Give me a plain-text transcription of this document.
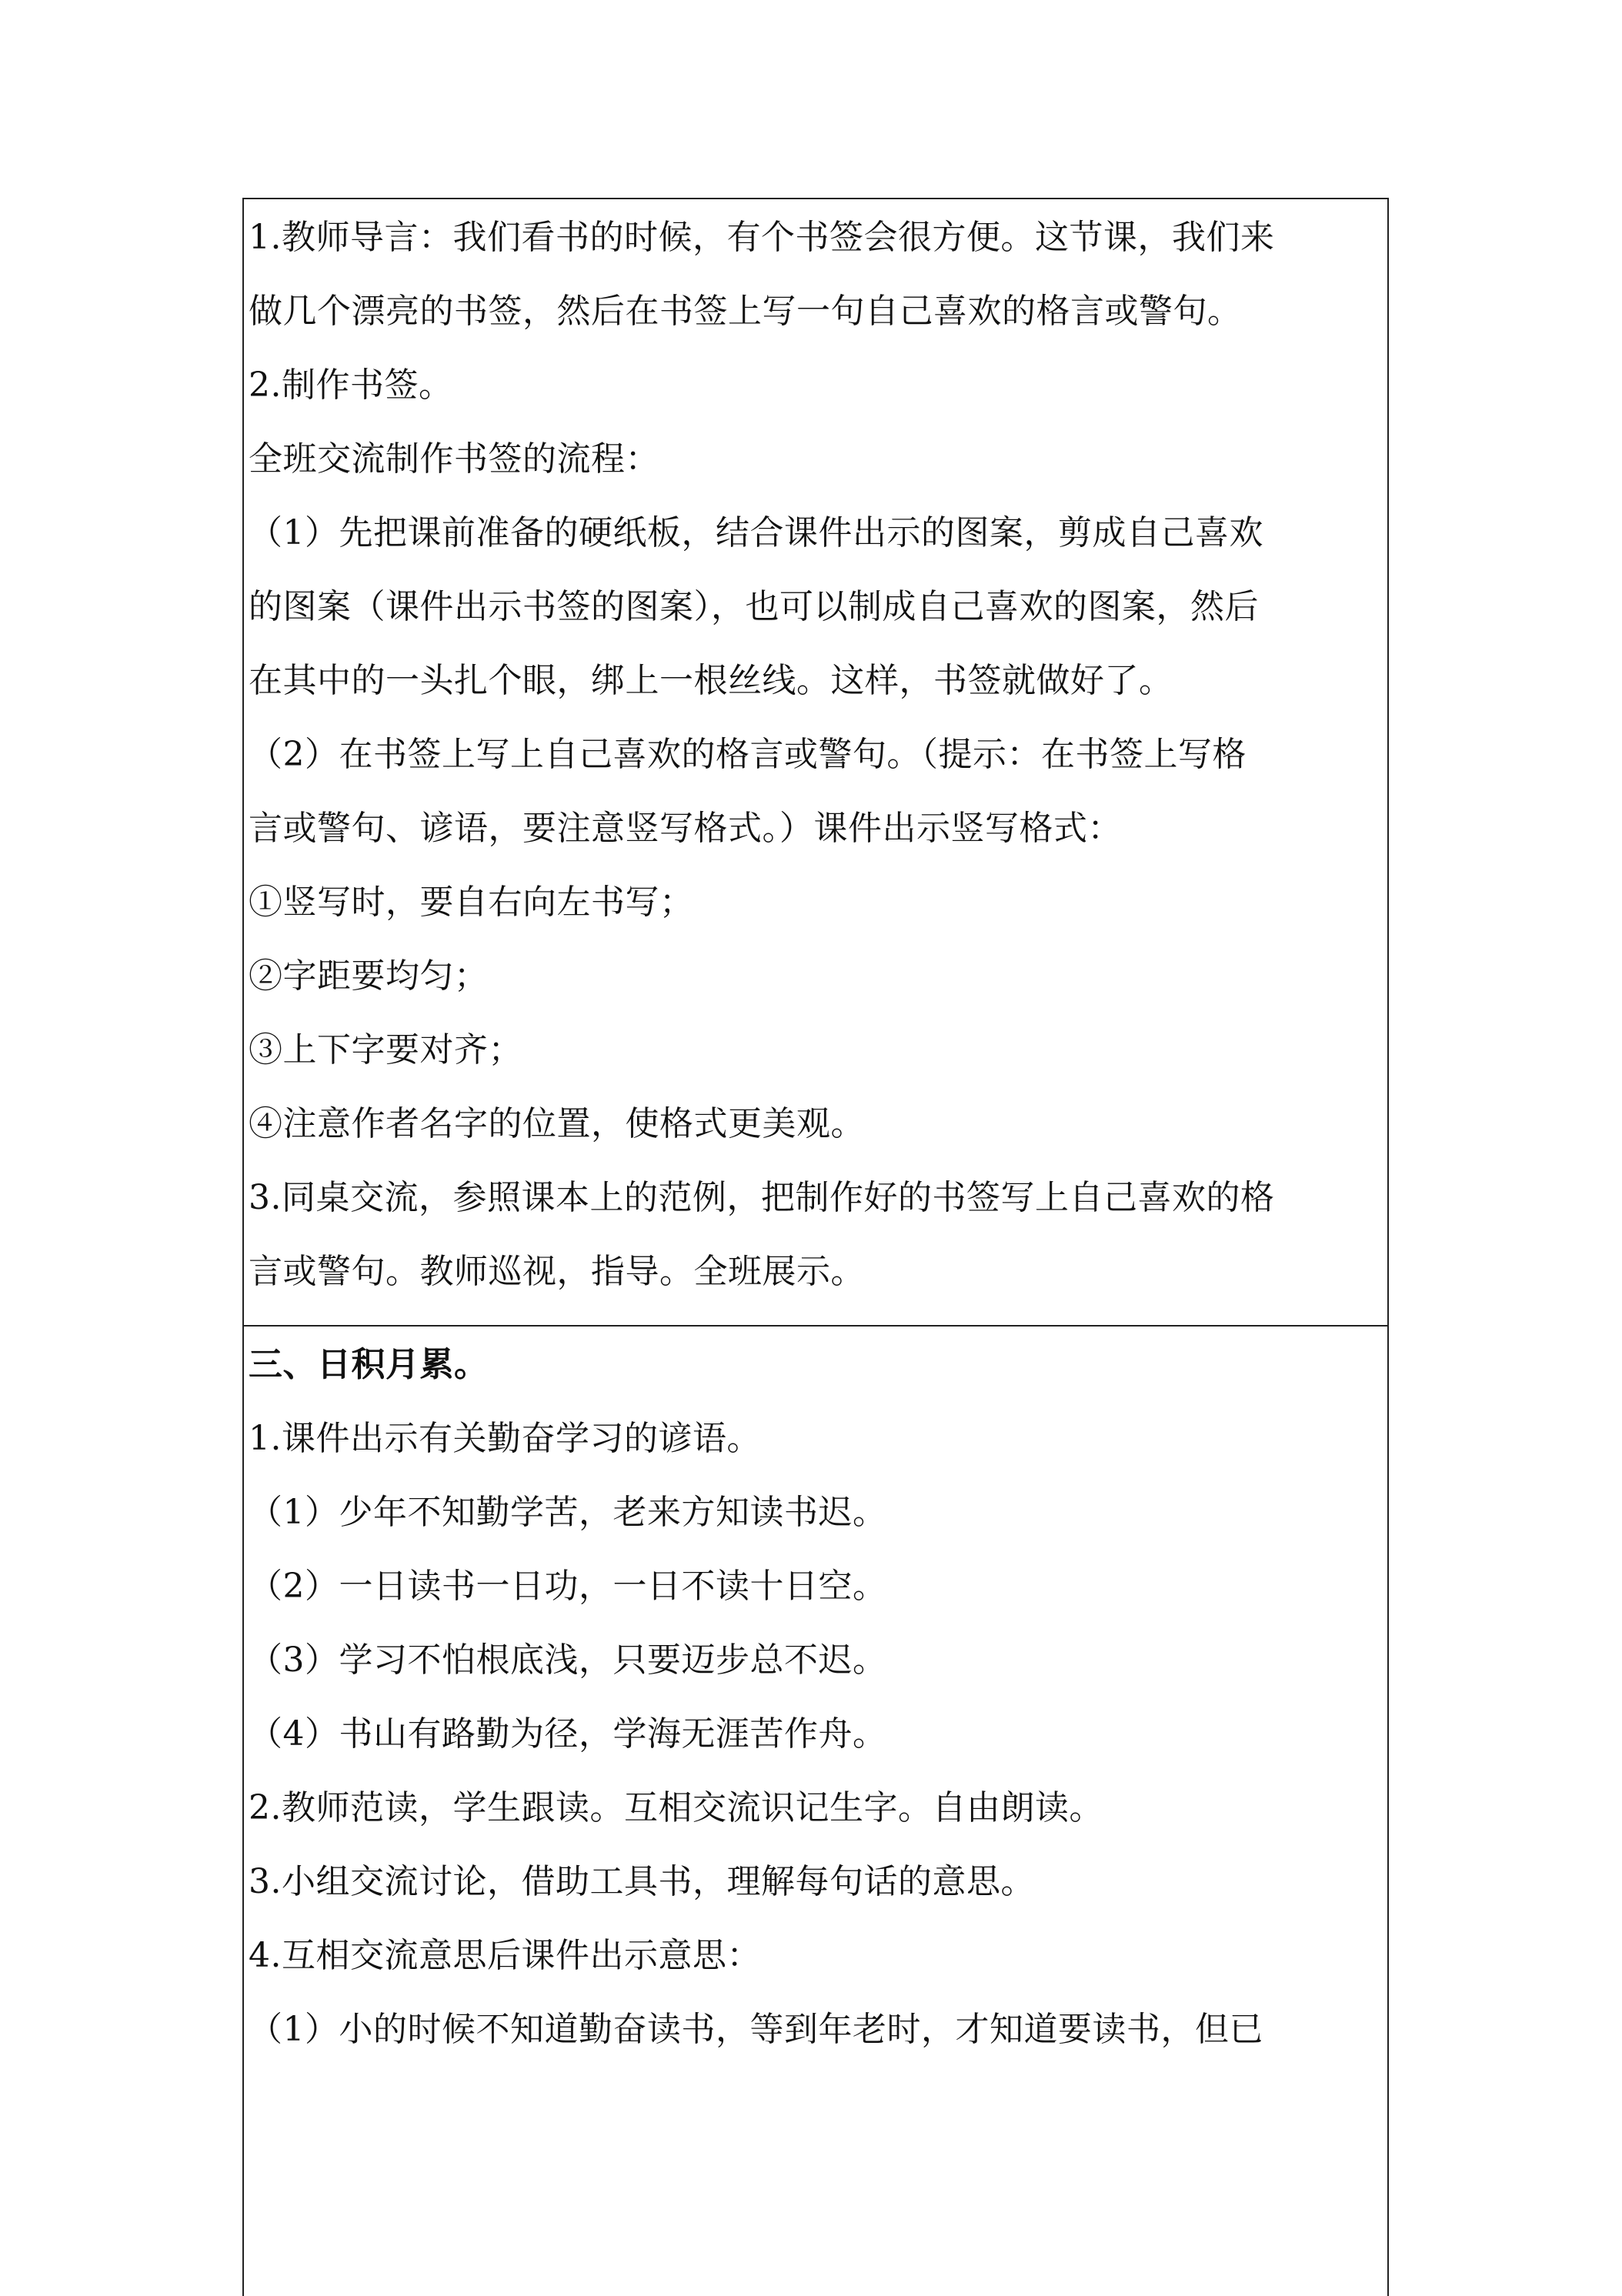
1.教师导言：我们看书的时候，有个书签会很方便。这节课，我们来
做几个漂亮的书签，然后在书签上写一句自己喜欢的格言或警句。
2.制作书签。
全班交流制作书签的流程：
（1）先把课前准备的硬纸板，结合课件出示的图案，剪成自己喜欢
的图案（课件出示书签的图案），也可以制成自己喜欢的图案，然后
在其中的一头扎个眼，绑上一根丝线。这样，书签就做好了。
（2）在书签上写上自己喜欢的格言或警句。（提示：在书签上写格
言或警句、谚语，要注意竖写格式。）课件出示竖写格式：
①竖写时，要自右向左书写；
②字距要均匀；
③上下字要对齐；
④注意作者名字的位置，使格式更美观。
3.同桌交流，参照课本上的范例，把制作好的书签写上自己喜欢的格
言或警句。教师巡视，指导。全班展示。
三、日积月累。
1.课件出示有关勤奋学习的谚语。
（1）少年不知勤学苦，老来方知读书迟。
（2）一日读书一日功，一日不读十日空。
（3）学习不怕根底浅，只要迈步总不迟。
（4）书山有路勤为径，学海无涯苦作舟。
2.教师范读，学生跟读。互相交流识记生字。自由朗读。
3.小组交流讨论，借助工具书，理解每句话的意思。
4.互相交流意思后课件出示意思：
（1）小的时候不知道勤奋读书，等到年老时，才知道要读书，但已
